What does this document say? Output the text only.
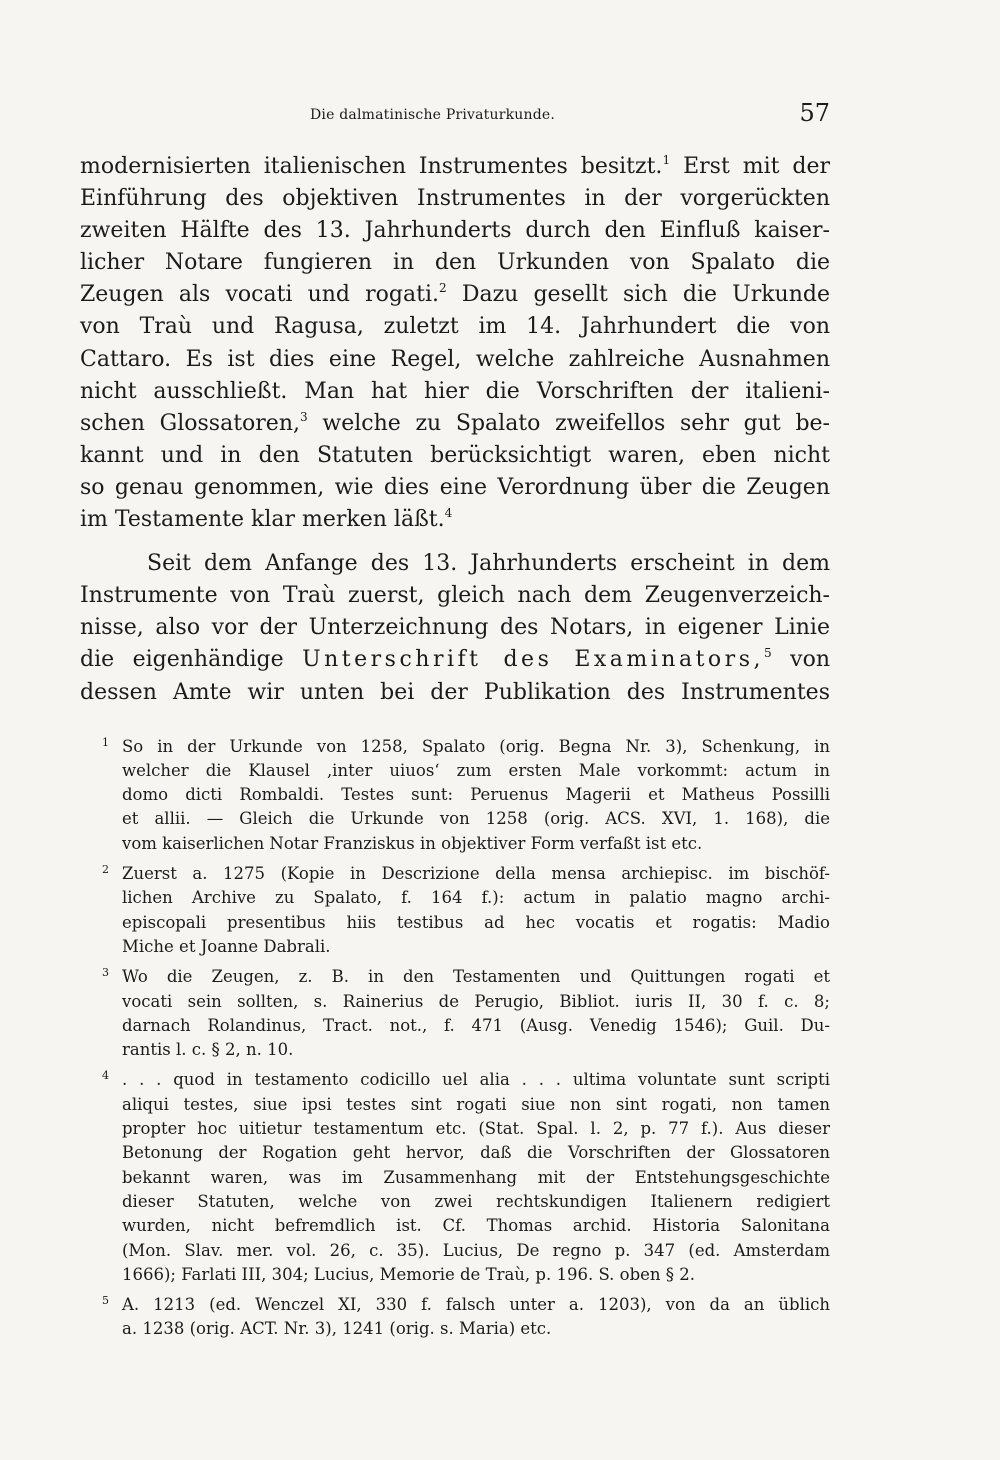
Die dalmatinische Privaturkunde.	57
modernisierten italienischen Instrumentes besitzt.$^1$ Erst mit der
Einführung des objektiven Instrumentes in der vorgerückten
zweiten Hälfte des 13. Jahrhunderts durch den Einfluß kaiser-
licher Notare fungieren in den Urkunden von Spalato die
Zeugen als vocati und rogati.$^2$ Dazu gesellt sich die Urkunde
von Traù und Ragusa, zuletzt im 14. Jahrhundert die von
Cattaro. Es ist dies eine Regel, welche zahlreiche Ausnahmen
nicht ausschließt. Man hat hier die Vorschriften der italieni-
schen Glossatoren,$^3$ welche zu Spalato zweifellos sehr gut be-
kannt und in den Statuten berücksichtigt waren, eben nicht
so genau genommen, wie dies eine Verordnung über die Zeugen
im Testamente klar merken läßt.$^4$
Seit dem Anfange des 13. Jahrhunderts erscheint in dem
Instrumente von Traù zuerst, gleich nach dem Zeugenverzeich-
nisse, also vor der Unterzeichnung des Notars, in eigener Linie
die eigenhändige Unterschrift des Examinators,$^5$ von
dessen Amte wir unten bei der Publikation des Instrumentes
1 So in der Urkunde von 1258, Spalato (orig. Begna Nr. 3), Schenkung, in
welcher die Klausel ‚inter uiuos‘ zum ersten Male vorkommt: actum in
domo dicti Rombaldi. Testes sunt: Peruenus Magerii et Matheus Possilli
et allii. — Gleich die Urkunde von 1258 (orig. ACS. XVI, 1. 168), die
vom kaiserlichen Notar Franziskus in objektiver Form verfaßt ist etc.
2 Zuerst a. 1275 (Kopie in Descrizione della mensa archiepisc. im bischöf-
lichen Archive zu Spalato, f. 164 f.): actum in palatio magno archi-
episcopali presentibus hiis testibus ad hec vocatis et rogatis: Madio
Miche et Joanne Dabrali.
3 Wo die Zeugen, z. B. in den Testamenten und Quittungen rogati et
vocati sein sollten, s. Rainerius de Perugio, Bibliot. iuris II, 30 f. c. 8;
darnach Rolandinus, Tract. not., f. 471 (Ausg. Venedig 1546); Guil. Du-
rantis l. c. § 2, n. 10.
4 . . . quod in testamento codicillo uel alia . . . ultima voluntate sunt scripti
aliqui testes, siue ipsi testes sint rogati siue non sint rogati, non tamen
propter hoc uitietur testamentum etc. (Stat. Spal. l. 2, p. 77 f.). Aus dieser
Betonung der Rogation geht hervor, daß die Vorschriften der Glossatoren
bekannt waren, was im Zusammenhang mit der Entstehungsgeschichte
dieser Statuten, welche von zwei rechtskundigen Italienern redigiert
wurden, nicht befremdlich ist. Cf. Thomas archid. Historia Salonitana
(Mon. Slav. mer. vol. 26, c. 35). Lucius, De regno p. 347 (ed. Amsterdam
1666); Farlati III, 304; Lucius, Memorie de Traù, p. 196. S. oben § 2.
5 A. 1213 (ed. Wenczel XI, 330 f. falsch unter a. 1203), von da an üblich
a. 1238 (orig. ACT. Nr. 3), 1241 (orig. s. Maria) etc.
